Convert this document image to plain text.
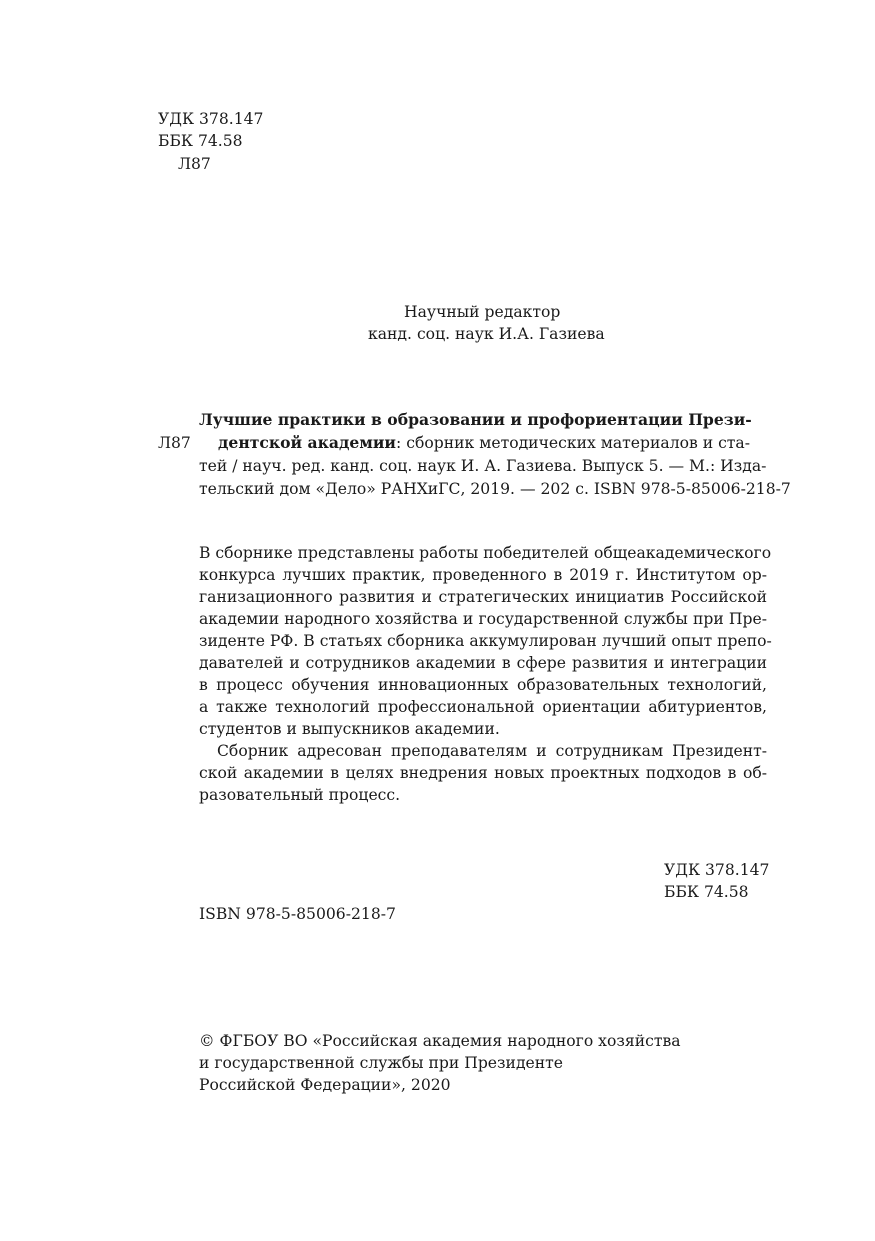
УДК 378.147
ББК 74.58
Л87
Научный редактор
канд. соц. наук И.А. Газиева
Лучшие практики в образовании и профориентации Прези-
Л87 дентской академии: сборник методических материалов и ста-
тей / науч. ред. канд. соц. наук И. А. Газиева. Выпуск 5. — М.: Изда-
тельский дом «Дело» РАНХиГС, 2019. — 202 с. ISBN 978-5-85006-218-7
В сборнике представлены работы победителей общеакадемического
конкурса лучших практик, проведенного в 2019 г. Институтом ор-
ганизационного развития и стратегических инициатив Российской
академии народного хозяйства и государственной службы при Пре-
зиденте РФ. В статьях сборника аккумулирован лучший опыт препо-
давателей и сотрудников академии в сфере развития и интеграции
в процесс обучения инновационных образовательных технологий,
а также технологий профессиональной ориентации абитуриентов,
студентов и выпускников академии.
Сборник адресован преподавателям и сотрудникам Президент-
ской академии в целях внедрения новых проектных подходов в об-
разовательный процесс.
УДК 378.147
ББК 74.58
ISBN 978-5-85006-218-7
© ФГБОУ ВО «Российская академия народного хозяйства
и государственной службы при Президенте
Российской Федерации», 2020
